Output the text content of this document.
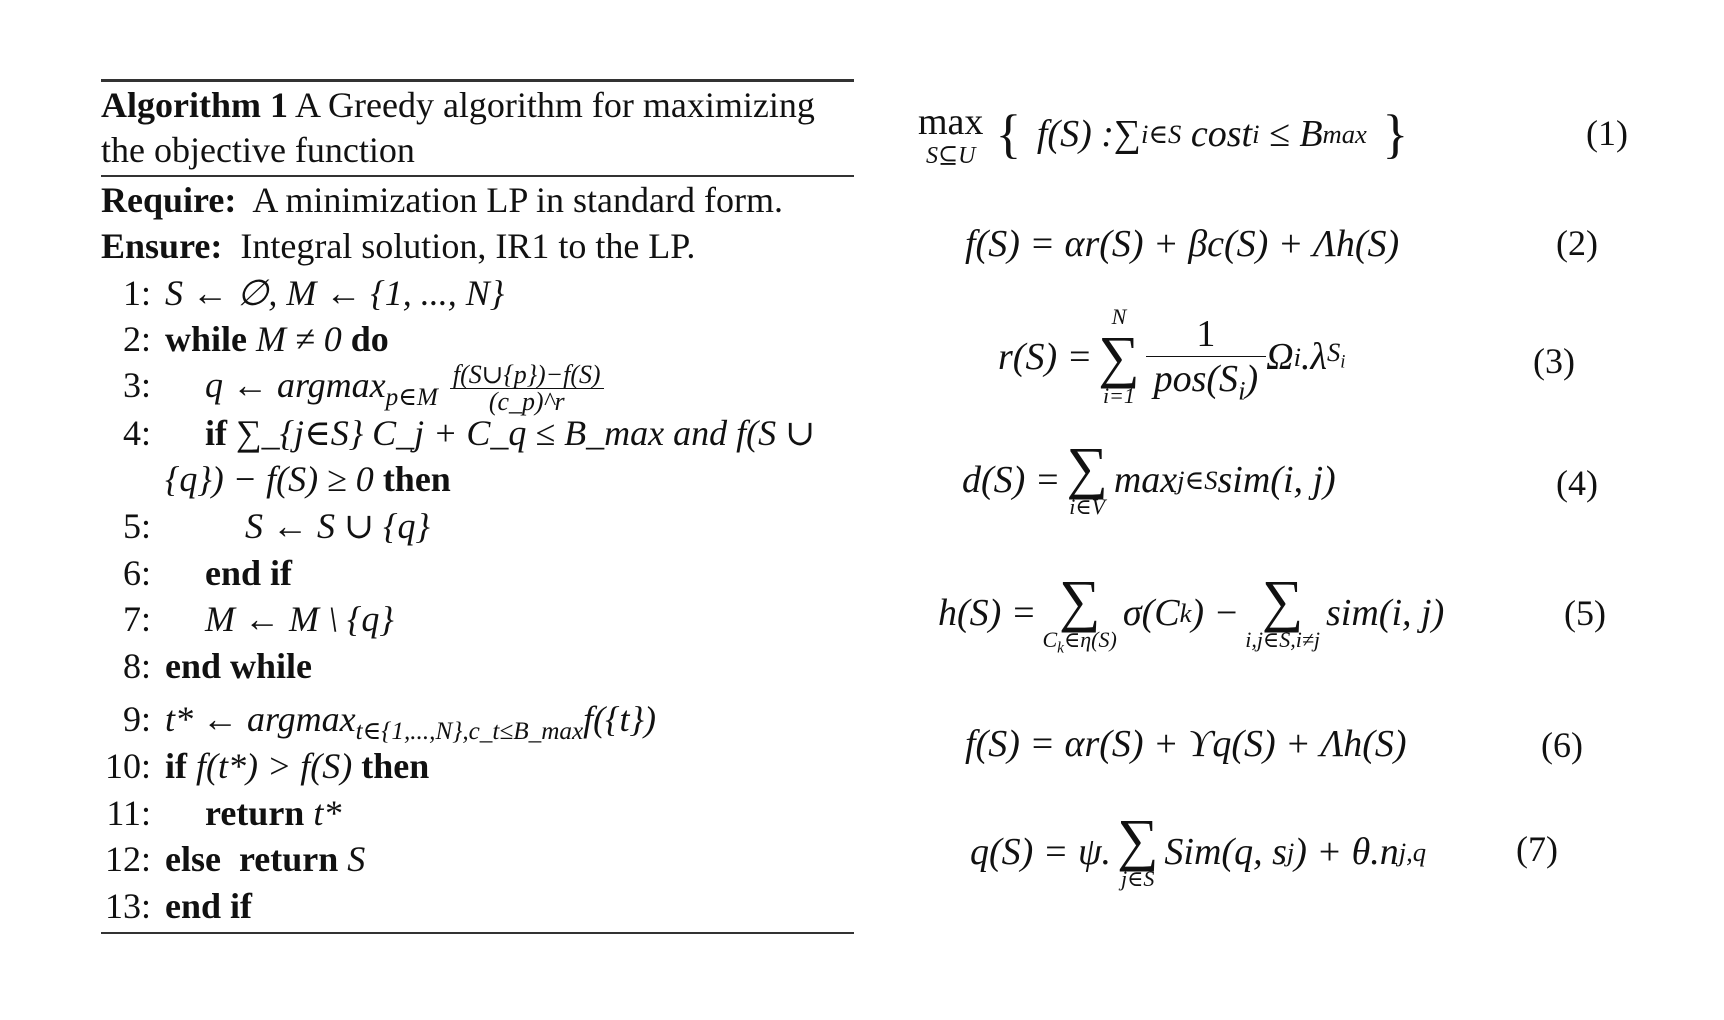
Algorithm 1 A Greedy algorithm for maximizing
the objective function
Require: A minimization LP in standard form.
Ensure: Integral solution, IR1 to the LP.
1: S ← ∅, M ← {1, ..., N}
2: while M ≠ 0 do
3: q ← $argmax_{p\in M} \frac{f(S\cup\{p\})-f(S)}{(c\_p)\^{}r}$
4: if ∑_{j∈S} C_j + C_q ≤ B_max and f(S ∪
{q}) − f(S) ≥ 0 then
5:	S ← S ∪ {q}
6: end if
7: M ← M \ {q}
8: end while
9: t* ← argmax$_{t\in\{1,...,N\},c\_t\le B\_max}$f({t})
10: if f(t*) > f(S) then
11: return t*
12: else  return S
13: end if
max
S⊆U { f(S) : ∑ i∈S cost i ≤ B max
}	(1)
f(S) = αr(S) + βc(S) + Λh(S)	(2)
r(S) =
N
∑
$i=1 \frac{1}{pos(S_i)}$ Ω i .λ $S_i$	(3)
d(S) = ∑
i∈V
max j∈S sim(i, j)	(4)
h(S) = ∑
$C_k\in\eta(S)$
σ(C k ) − ∑
i,j∈S,i≠j
sim(i, j)	(5)
f(S) = αr(S) + ϒq(S) + Λh(S)	(6)
q(S) = ψ. ∑
j∈S
Sim(q, s j ) + θ.n j,q (7)
